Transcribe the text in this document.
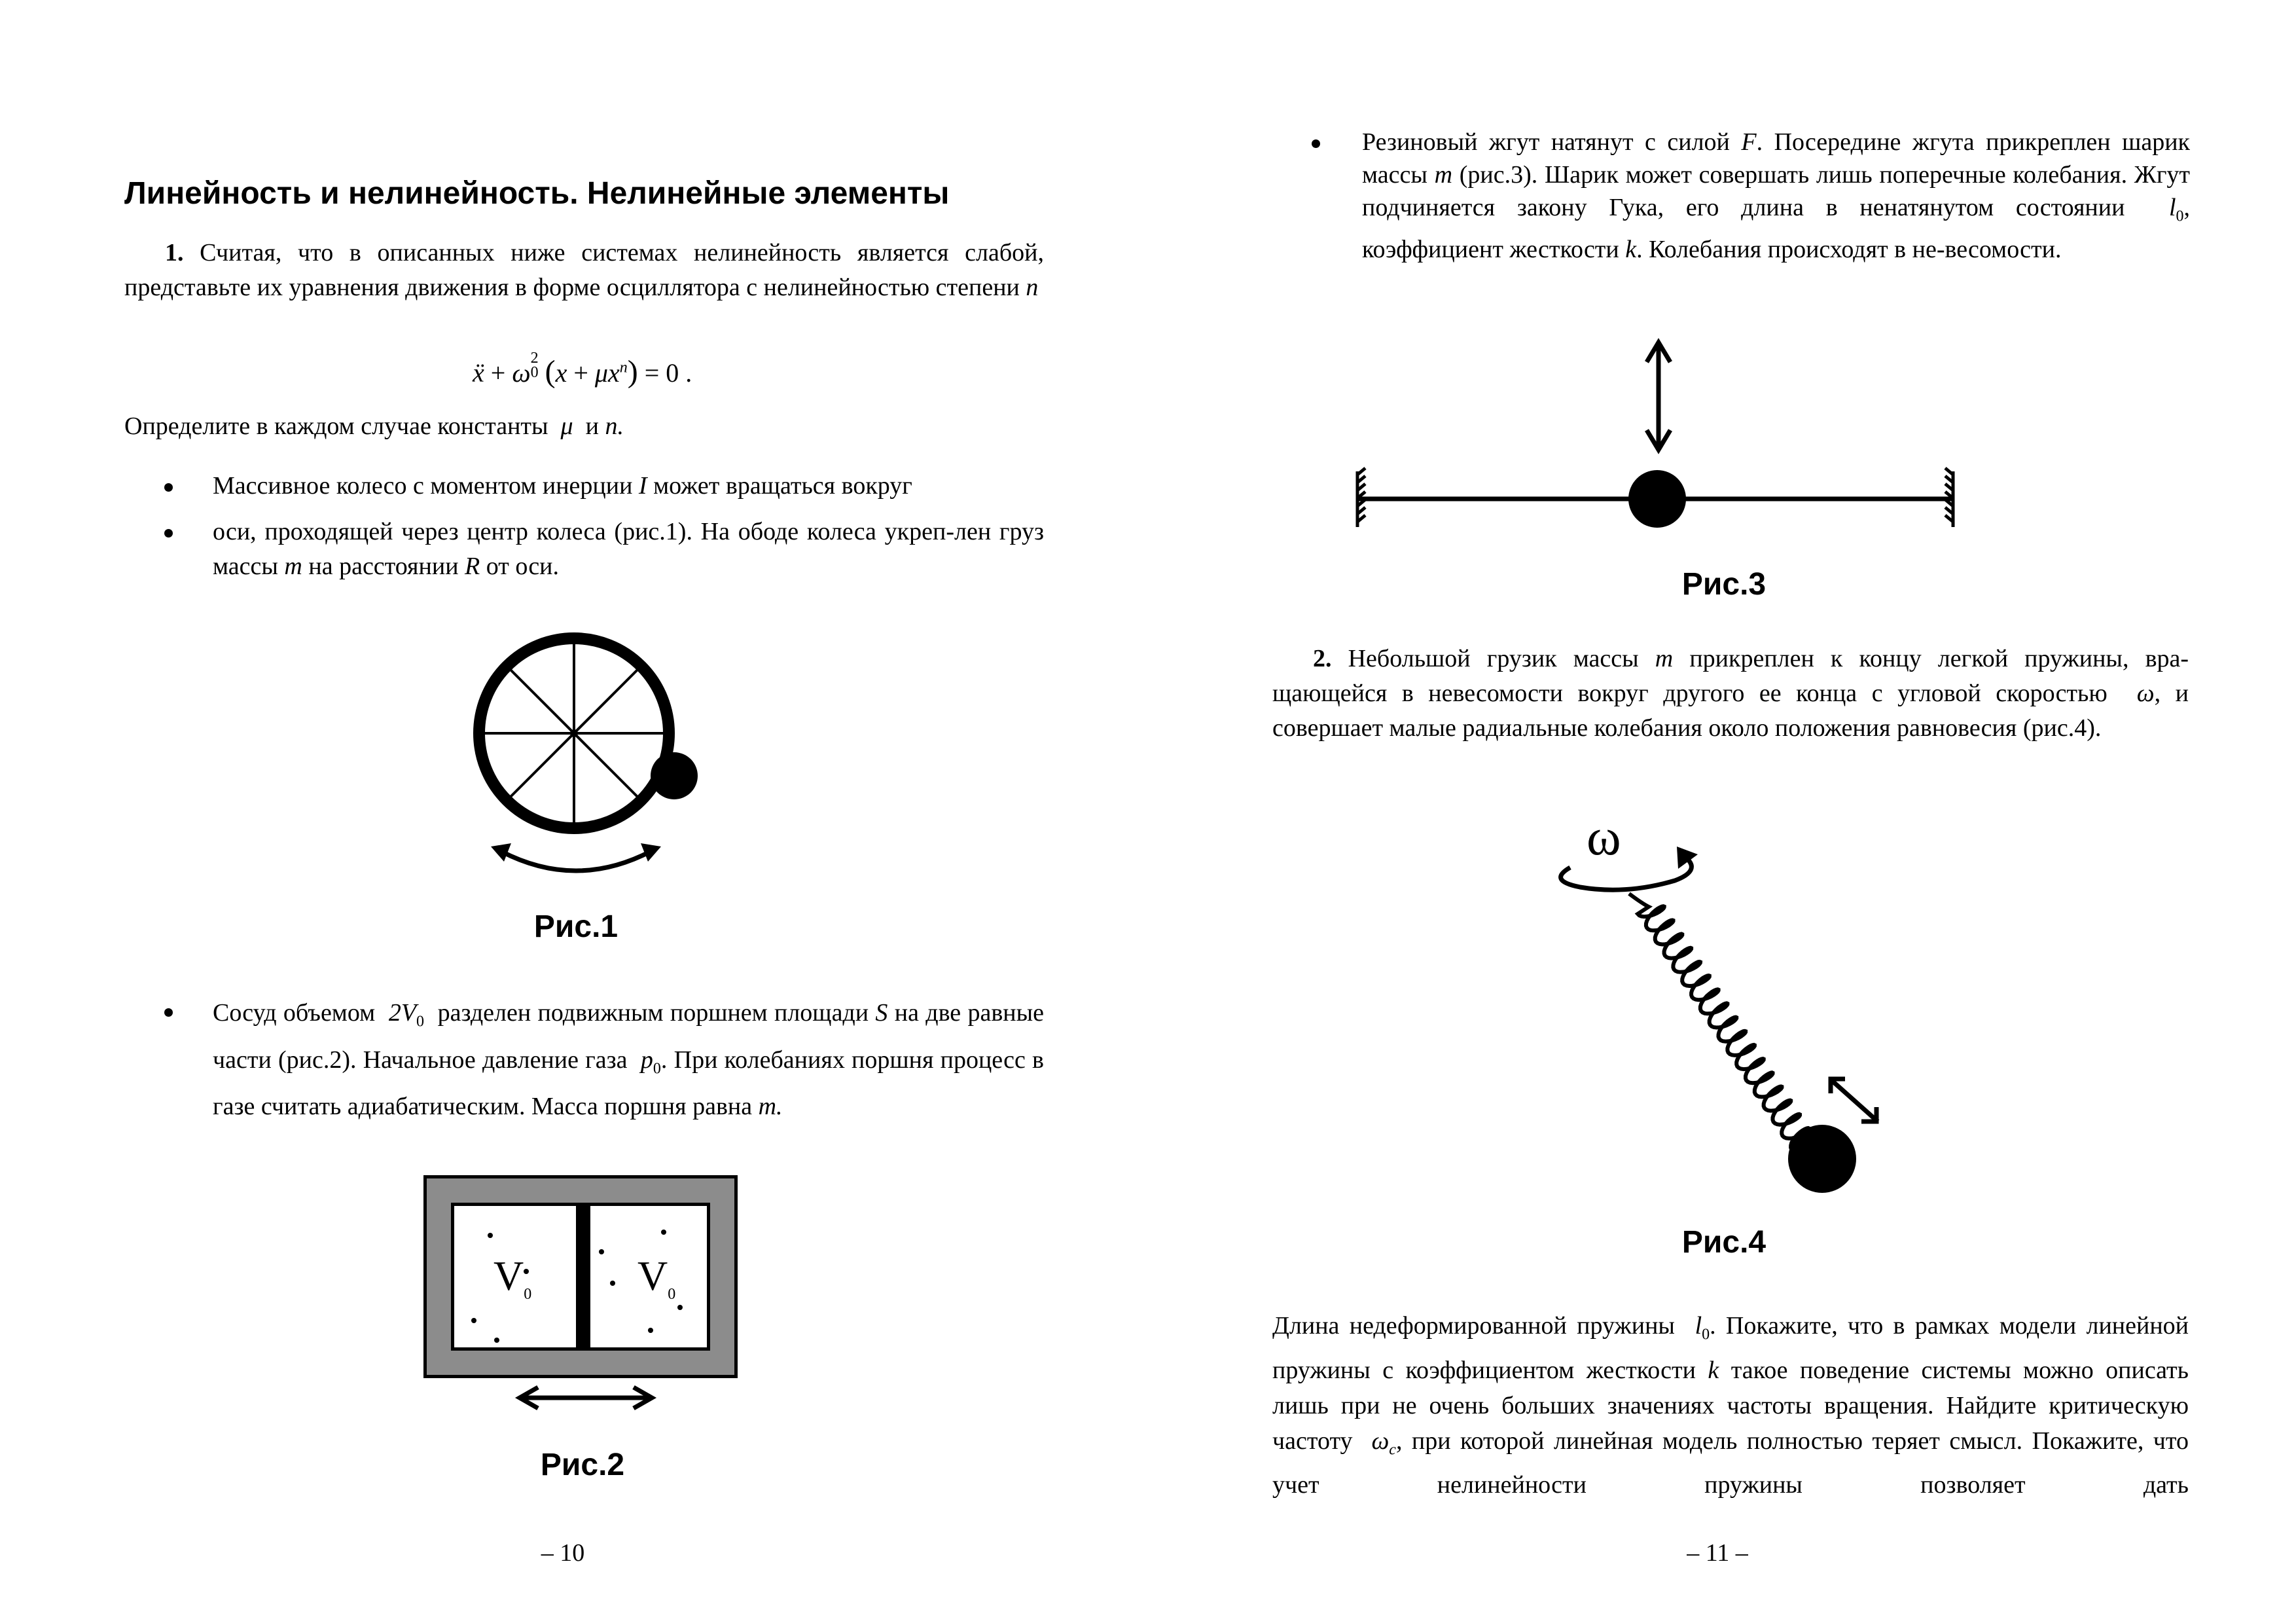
Линейность и нелинейность. Нелинейные элементы
1. Считая, что в описанных ниже системах нелинейность является слабой, представьте их уравнения движения в форме осциллятора с нелинейностью степени n
ẍ + ω 2
0 $(x + \mu x^n) = 0$ .
Определите в каждом случае константы μ и n.
Массивное колесо с моментом инерции I может вращаться вокруг
оси, проходящей через центр колеса (рис.1). На ободе колеса укреп-лен груз массы m на расстоянии R от оси.
Рис.1
Сосуд объемом $2V_0$ разделен подвижным поршнем площади S на две равные части (рис.2). Начальное давление газа $p_0$. При колебаниях поршня процесс в газе считать адиабатическим. Масса поршня равна m.
$V_0$	$V_0$
Рис.2
– 10
Резиновый жгут натянут с силой F. Посередине жгута прикреплен шарик массы m (рис.3). Шарик может совершать лишь поперечные колебания. Жгут подчиняется закону Гука, его длина в ненатянутом состоянии $l_0$, коэффициент жесткости k. Колебания происходят в не-весомости.
Рис.3
2. Небольшой грузик массы m прикреплен к концу легкой пружины, вра-щающейся в невесомости вокруг другого ее конца с угловой скоростью ω, и совершает малые радиальные колебания около положения равновесия (рис.4).
ω
Рис.4
Длина недеформированной пружины $l_0$. Покажите, что в рамках модели линейной пружины с коэффициентом жесткости k такое поведение системы можно описать лишь при не очень больших значениях частоты вращения. Найдите критическую частоту $\omega_c$, при которой линейная модель полностью теряет смысл. Покажите, что учет нелинейности пружины позволяет дать
– 11 –
